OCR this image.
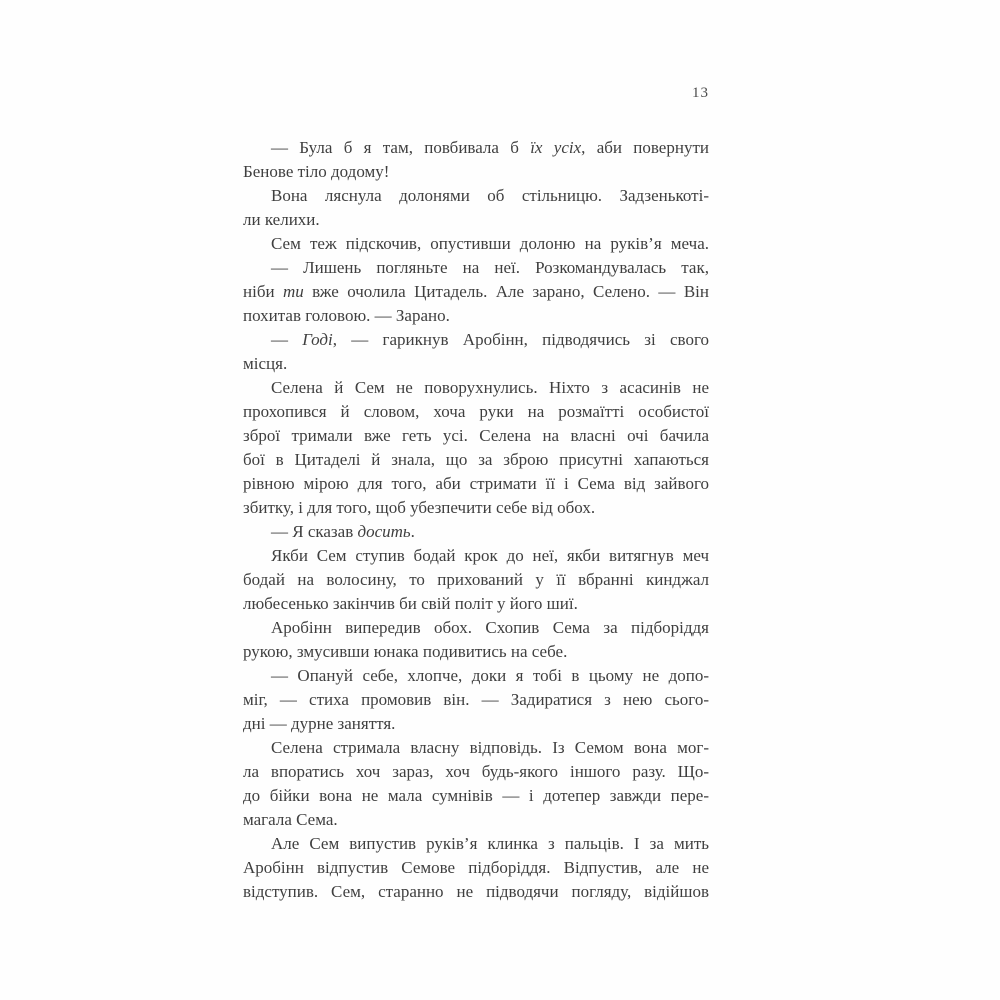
13

— Була б я там, повбивала б їх усіх, аби повернути
Бенове тіло додому!

Вона ляснула долонями об стільницю. Задзенькоті-
ли келихи.

Сем теж підскочив, опустивши долоню на руків’я меча.

— Лишень погляньте на неї. Розкомандувалась так,
ніби ти вже очолила Цитадель. Але зарано, Селено. — Він
похитав головою. — Зарано.

— Годі, — гарикнув Аробінн, підводячись зі свого
місця.

Селена й Сем не поворухнулись. Ніхто з асасинів не
прохопився й словом, хоча руки на розмаїтті особистої
зброї тримали вже геть усі. Селена на власні очі бачила
бої в Цитаделі й знала, що за зброю присутні хапаються
рівною мірою для того, аби стримати її і Сема від зайвого
збитку, і для того, щоб убезпечити себе від обох.

— Я сказав досить.

Якби Сем ступив бодай крок до неї, якби витягнув меч
бодай на волосину, то прихований у її вбранні кинджал
любесенько закінчив би свій політ у його шиї.

Аробінн випередив обох. Схопив Сема за підборіддя
рукою, змусивши юнака подивитись на себе.

— Опануй себе, хлопче, доки я тобі в цьому не допо-
міг, — стиха промовив він. — Задиратися з нею сього-
дні — дурне заняття.

Селена стримала власну відповідь. Із Семом вона мог-
ла впоратись хоч зараз, хоч будь-якого іншого разу. Що-
до бійки вона не мала сумнівів — і дотепер завжди пере-
магала Сема.

Але Сем випустив руків’я клинка з пальців. І за мить
Аробінн відпустив Семове підборіддя. Відпустив, але не
відступив. Сем, старанно не підводячи погляду, відійшов
